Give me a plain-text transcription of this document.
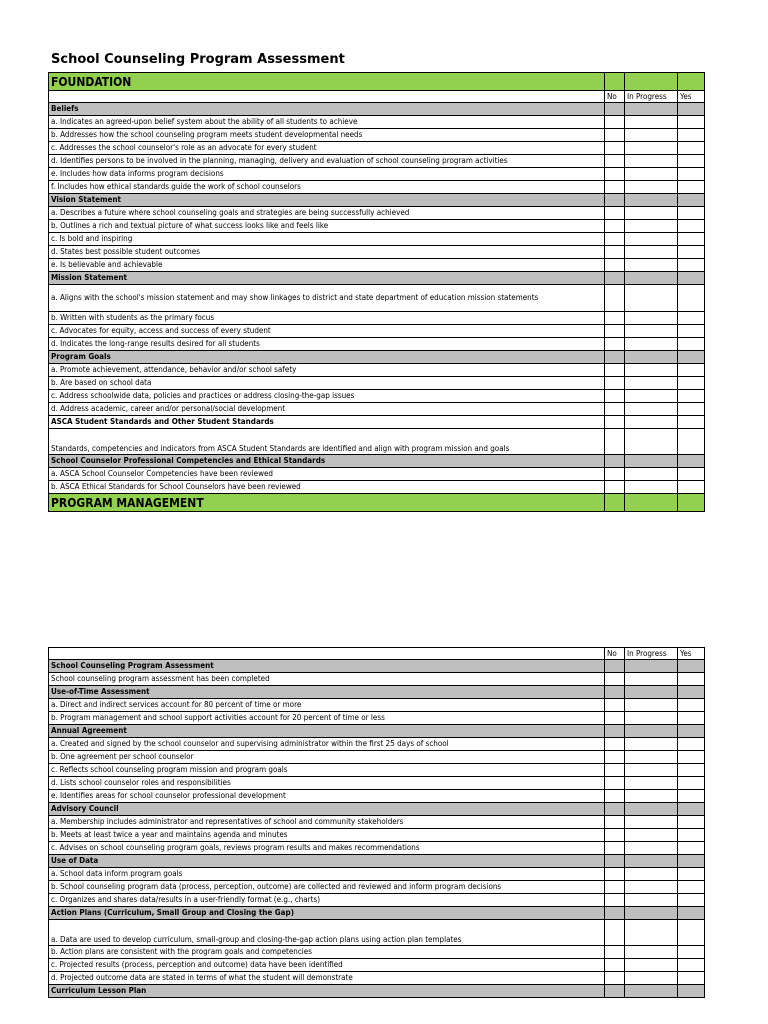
School Counseling Program Assessment
FOUNDATION			
	No	In Progress	Yes
Beliefs			
a. Indicates an agreed-upon belief system about the ability of all students to achieve			
b. Addresses how the school counseling program meets student developmental needs			
c. Addresses the school counselor's role as an advocate for every student			
d. Identifies persons to be involved in the planning, managing, delivery and evaluation of school counseling program activities			
e. Includes how data informs program decisions			
f. Includes how ethical standards guide the work of school counselors			
Vision Statement			
a. Describes a future where school counseling goals and strategies are being successfully achieved			
b. Outlines a rich and textual picture of what success looks like and feels like			
c. Is bold and inspiring			
d. States best possible student outcomes			
e. Is believable and achievable			
Mission Statement			
a. Aligns with the school's mission statement and may show linkages to district and state department of education mission statements			
b. Written with students as the primary focus			
c. Advocates for equity, access and success of every student			
d. Indicates the long-range results desired for all students			
Program Goals			
a. Promote achievement, attendance, behavior and/or school safety			
b. Are based on school data			
c. Address schoolwide data, policies and practices or address closing-the-gap issues			
d. Address academic, career and/or personal/social development			
ASCA Student Standards and Other Student Standards			
Standards, competencies and indicators from ASCA Student Standards are identified and align with program mission and goals			
School Counselor Professional Competencies and Ethical Standards			
a. ASCA School Counselor Competencies have been reviewed			
b. ASCA Ethical Standards for School Counselors have been reviewed			
PROGRAM MANAGEMENT			
	No	In Progress	Yes
School Counseling Program Assessment			
School counseling program assessment has been completed			
Use-of-Time Assessment			
a. Direct and indirect services account for 80 percent of time or more			
b. Program management and school support activities account for 20 percent of time or less			
Annual Agreement			
a. Created and signed by the school counselor and supervising administrator within the first 25 days of school			
b. One agreement per school counselor			
c. Reflects school counseling program mission and program goals			
d. Lists school counselor roles and responsibilities			
e. Identifies areas for school counselor professional development			
Advisory Council			
a. Membership includes administrator and representatives of school and community stakeholders			
b. Meets at least twice a year and maintains agenda and minutes			
c. Advises on school counseling program goals, reviews program results and makes recommendations			
Use of Data			
a. School data inform program goals			
b. School counseling program data (process, perception, outcome) are collected and reviewed and inform program decisions			
c. Organizes and shares data/results in a user-friendly format (e.g., charts)			
Action Plans (Curriculum, Small Group and Closing the Gap)			
a. Data are used to develop curriculum, small-group and closing-the-gap action plans using action plan templates			
b. Action plans are consistent with the program goals and competencies			
c. Projected results (process, perception and outcome) data have been identified			
d. Projected outcome data are stated in terms of what the student will demonstrate			
Curriculum Lesson Plan			
